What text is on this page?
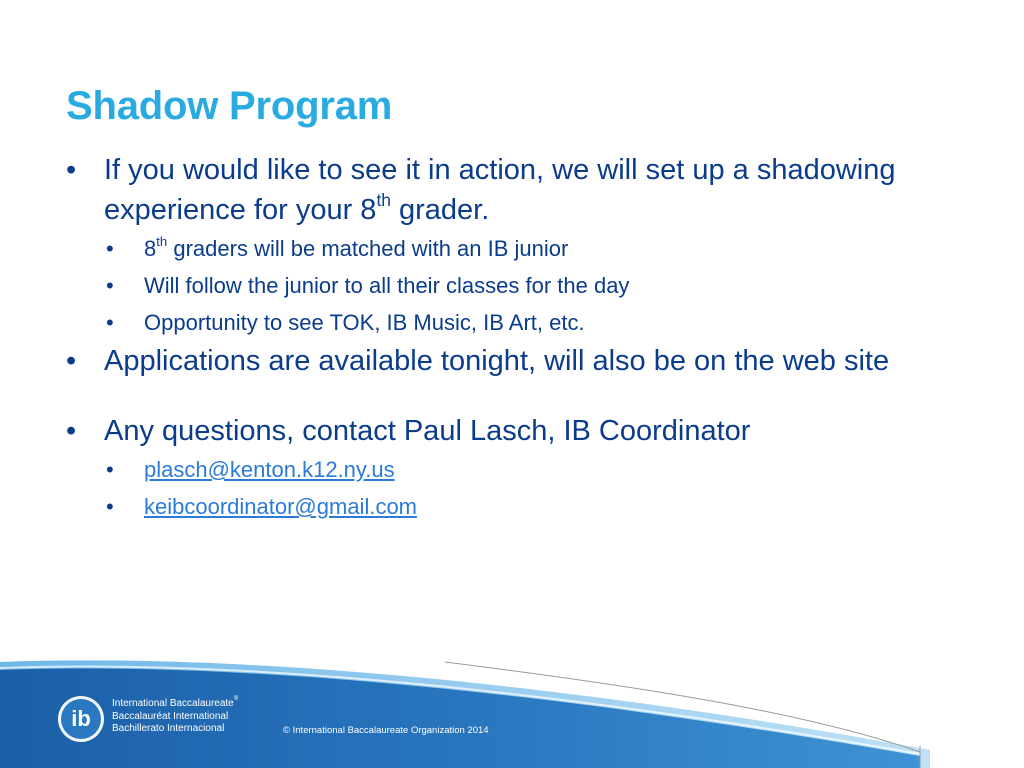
Shadow Program

• If you would like to see it in action, we will set up a shadowing experience for your 8th grader.

• 8th graders will be matched with an IB junior

• Will follow the junior to all their classes for the day

• Opportunity to see TOK, IB Music, IB Art, etc.

• Applications are available tonight, will also be on the web site

• Any questions, contact Paul Lasch, IB Coordinator

• plasch@kenton.k12.ny.us

• keibcoordinator@gmail.com

ib
International Baccalaureate®
Baccalauréat International
Bachillerato Internacional	© International Baccalaureate Organization 2014
